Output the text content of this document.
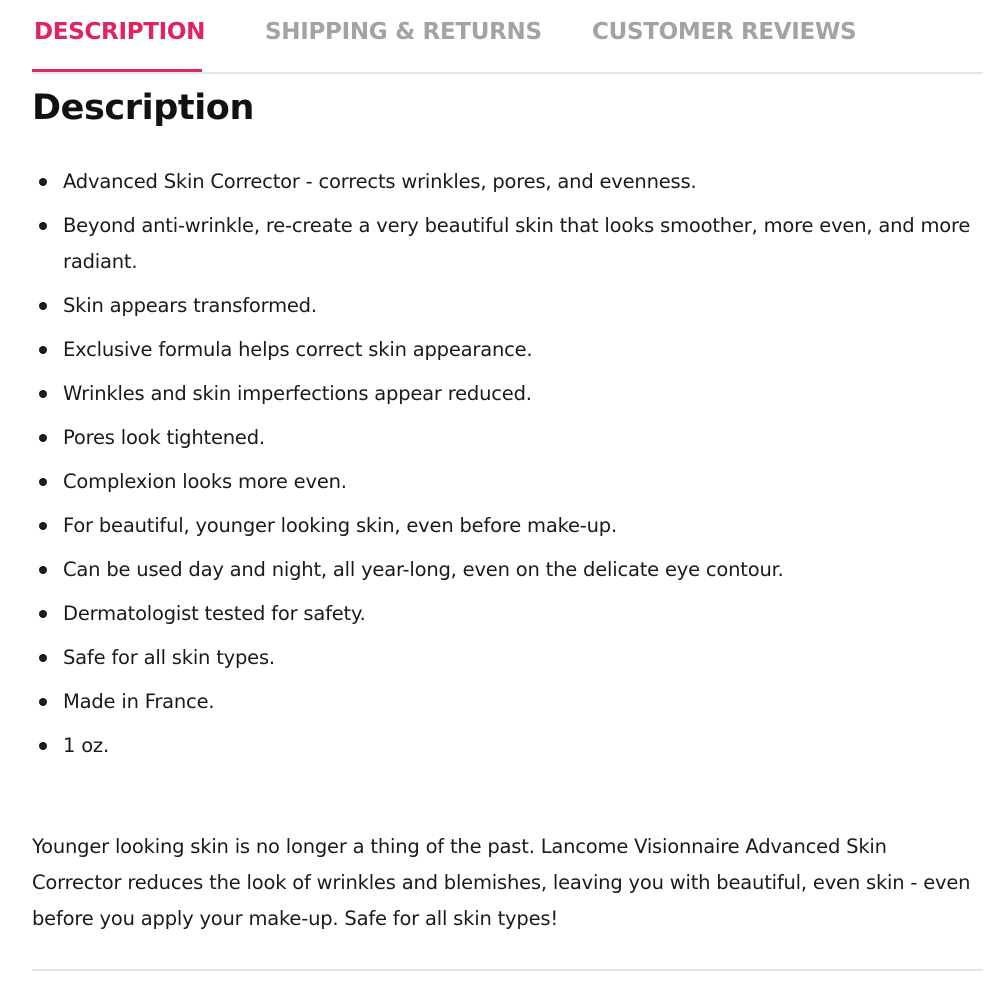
DESCRIPTION	SHIPPING & RETURNS CUSTOMER REVIEWS
Description
Advanced Skin Corrector - corrects wrinkles, pores, and evenness.
Beyond anti-wrinkle, re-create a very beautiful skin that looks smoother, more even, and more radiant.
Skin appears transformed.
Exclusive formula helps correct skin appearance.
Wrinkles and skin imperfections appear reduced.
Pores look tightened.
Complexion looks more even.
For beautiful, younger looking skin, even before make-up.
Can be used day and night, all year-long, even on the delicate eye contour.
Dermatologist tested for safety.
Safe for all skin types.
Made in France.
1 oz.

Younger looking skin is no longer a thing of the past. Lancome Visionnaire Advanced Skin Corrector reduces the look of wrinkles and blemishes, leaving you with beautiful, even skin - even before you apply your make-up. Safe for all skin types!
